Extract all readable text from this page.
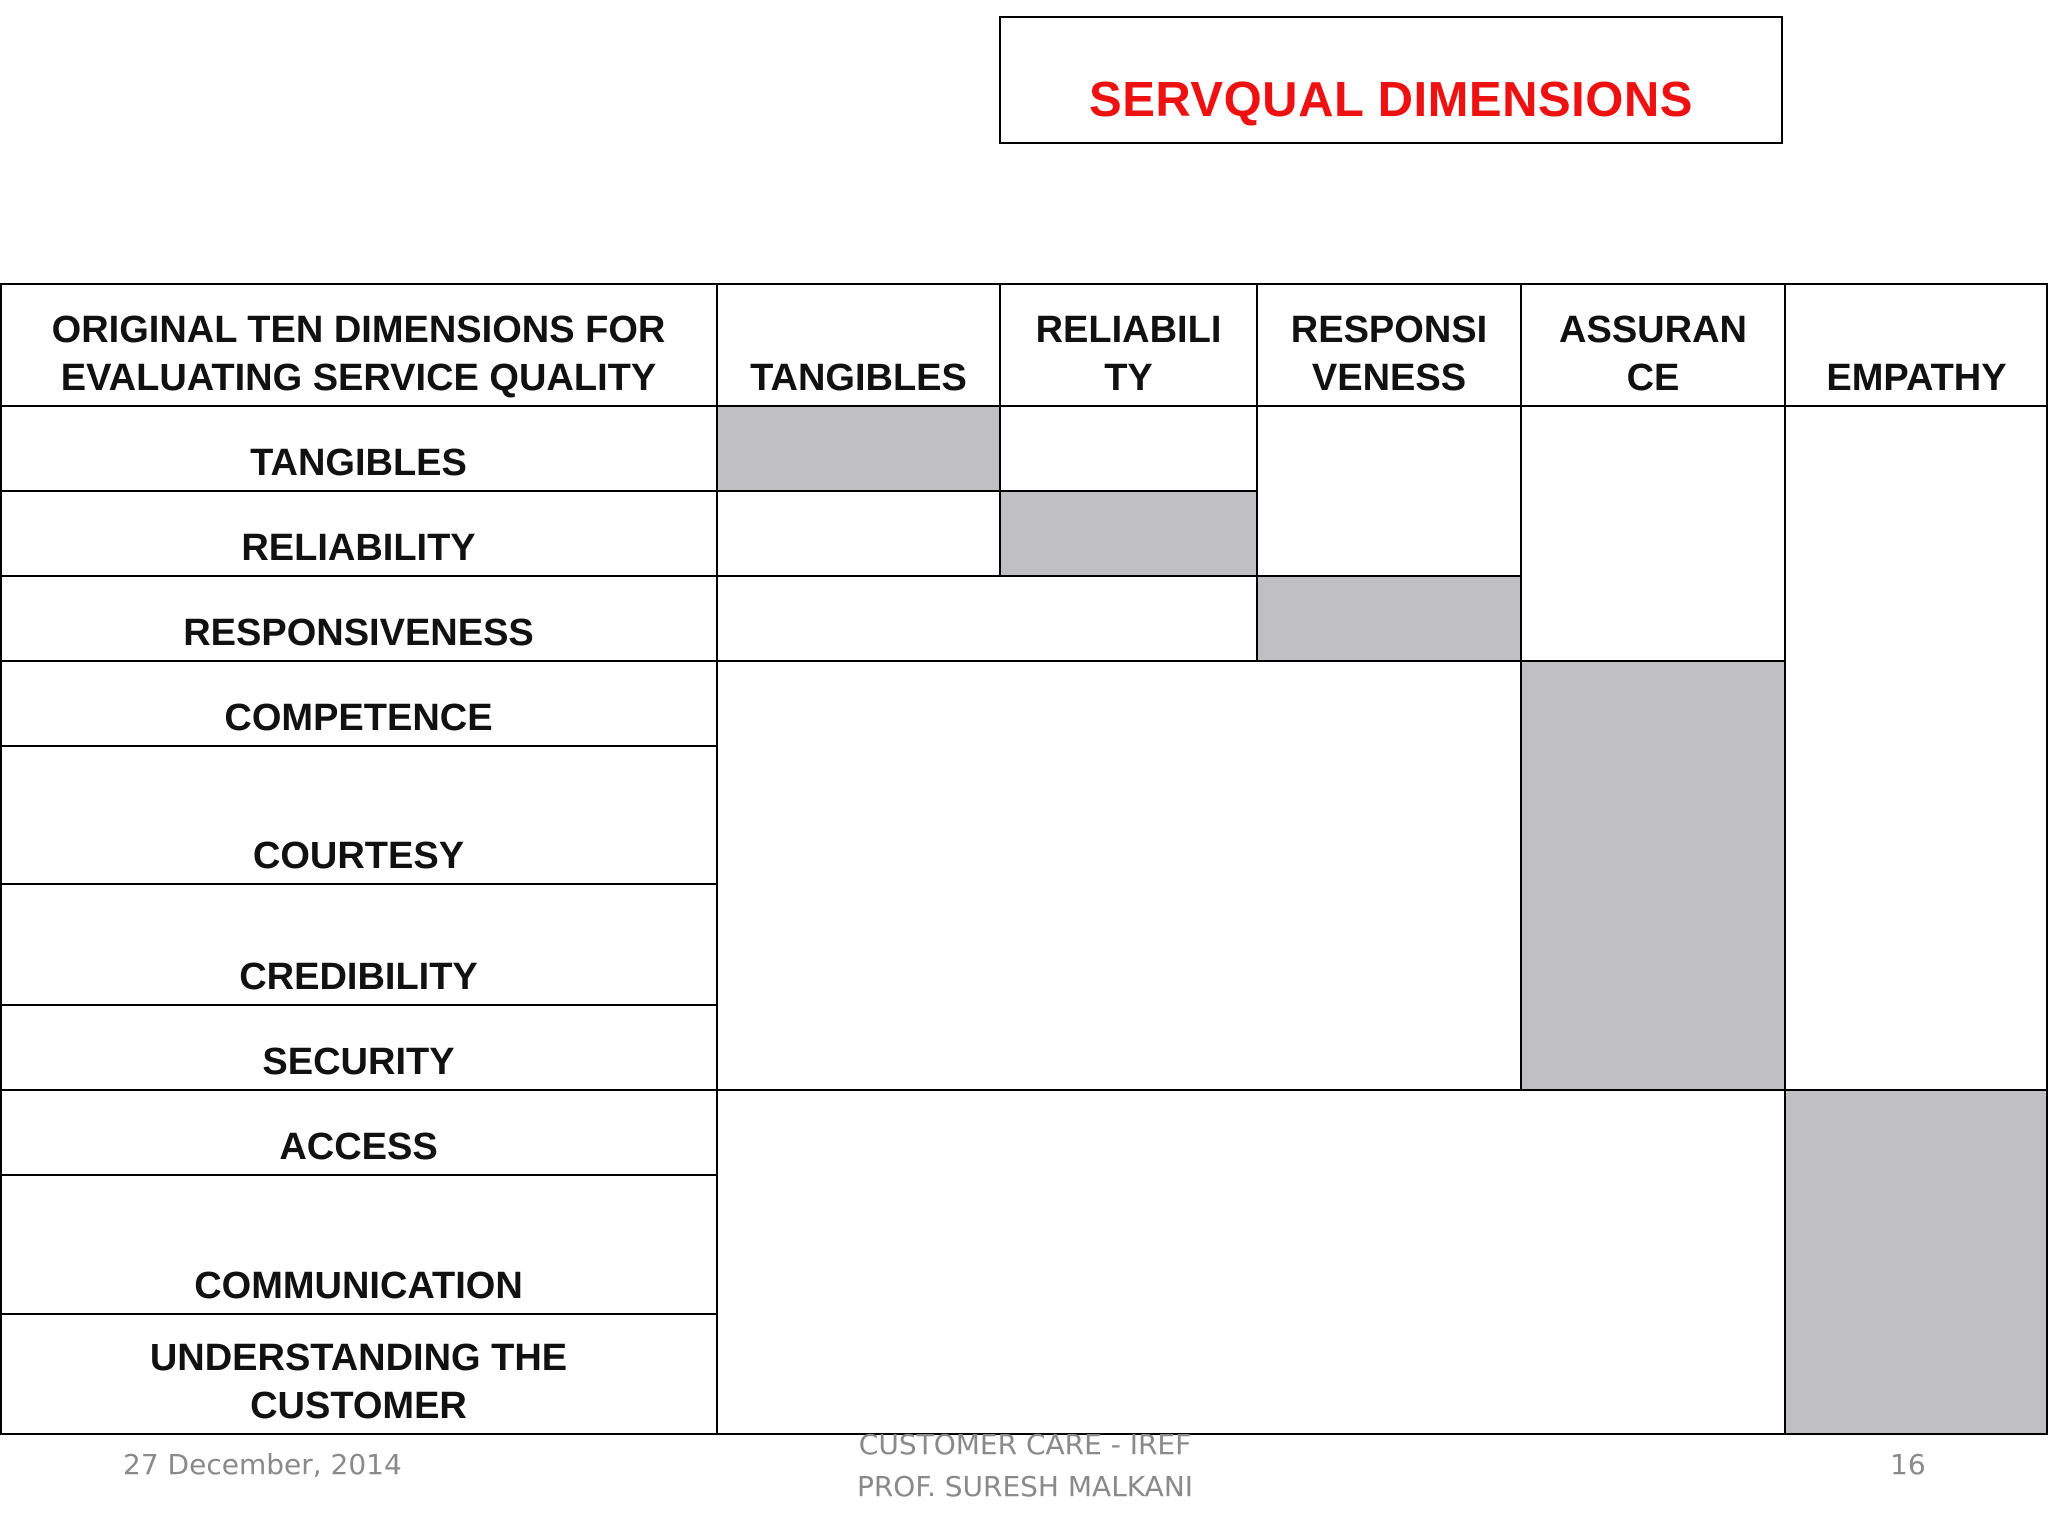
SERVQUAL DIMENSIONS
ORIGINAL TEN DIMENSIONS FOR EVALUATING SERVICE QUALITY	TANGIBLES
RELIABILI TY
RESPONSI VENESS
ASSURAN CE	EMPATHY
TANGIBLES
RELIABILITY
RESPONSIVENESS
COMPETENCE
COURTESY
CREDIBILITY
SECURITY
ACCESS
COMMUNICATION
UNDERSTANDING THE CUSTOMER
27 December, 2014
CUSTOMER CARE - IREF
PROF. SURESH MALKANI
16
